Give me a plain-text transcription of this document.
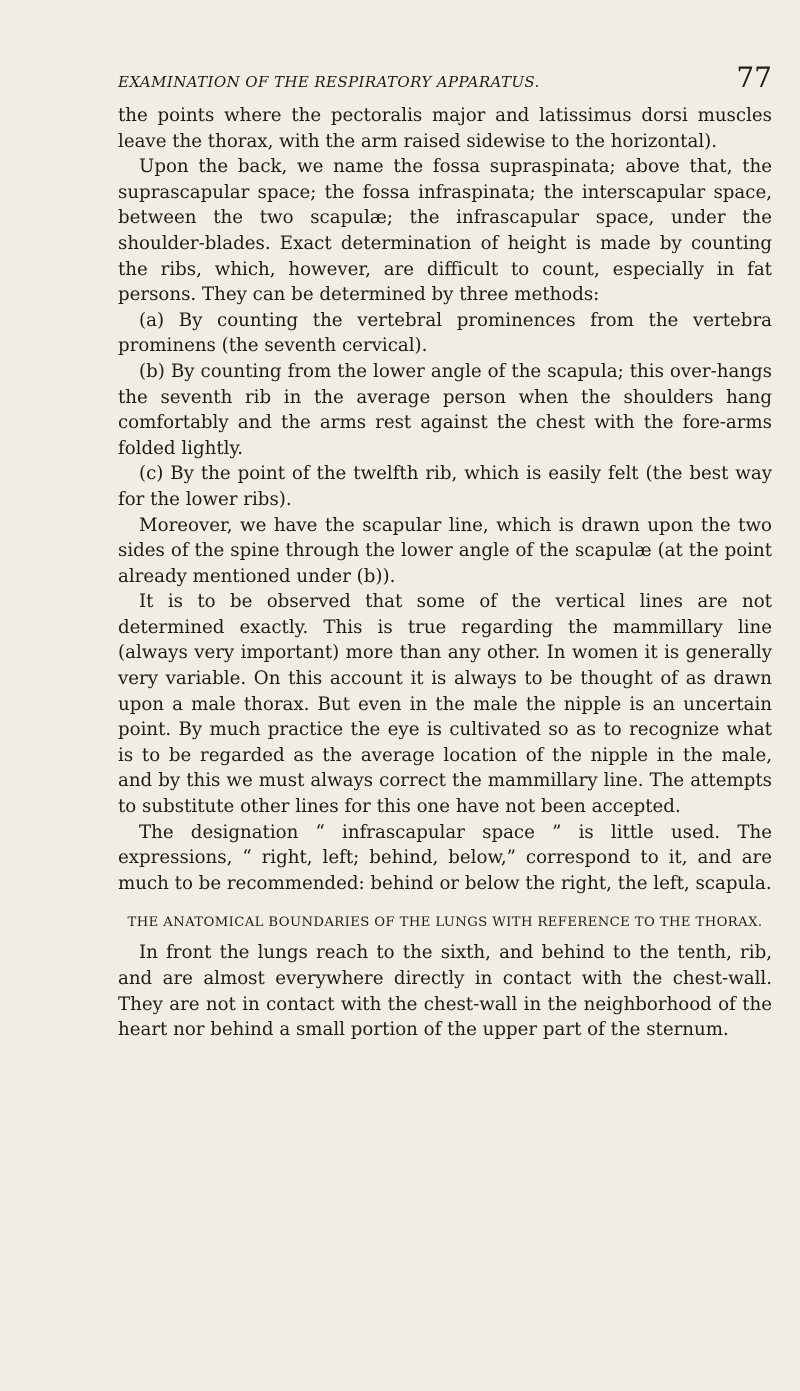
EXAMINATION OF THE RESPIRATORY APPARATUS.	77

the points where the pectoralis major and latissimus dorsi muscles leave the thorax, with the arm raised sidewise to the horizontal).

Upon the back, we name the fossa supraspinata; above that, the suprascapular space; the fossa infraspinata; the interscapular space, between the two scapulæ; the infrascapular space, under the shoulder-blades. Exact determination of height is made by counting the ribs, which, however, are difficult to count, especially in fat persons. They can be determined by three methods:

(a) By counting the vertebral prominences from the vertebra prominens (the seventh cervical).

(b) By counting from the lower angle of the scapula; this over-hangs the seventh rib in the average person when the shoulders hang comfortably and the arms rest against the chest with the fore-arms folded lightly.

(c) By the point of the twelfth rib, which is easily felt (the best way for the lower ribs).

Moreover, we have the scapular line, which is drawn upon the two sides of the spine through the lower angle of the scapulæ (at the point already mentioned under (b)).

It is to be observed that some of the vertical lines are not determined exactly. This is true regarding the mammillary line (always very important) more than any other. In women it is generally very variable. On this account it is always to be thought of as drawn upon a male thorax. But even in the male the nipple is an uncertain point. By much practice the eye is cultivated so as to recognize what is to be regarded as the average location of the nipple in the male, and by this we must always correct the mammillary line. The attempts to substitute other lines for this one have not been accepted.

The designation “ infrascapular space ” is little used. The expressions, “ right, left; behind, below,” correspond to it, and are much to be recommended: behind or below the right, the left, scapula.

THE ANATOMICAL BOUNDARIES OF THE LUNGS WITH REFERENCE TO THE THORAX.

In front the lungs reach to the sixth, and behind to the tenth, rib, and are almost everywhere directly in contact with the chest-wall. They are not in contact with the chest-wall in the neighborhood of the heart nor behind a small portion of the upper part of the sternum.
